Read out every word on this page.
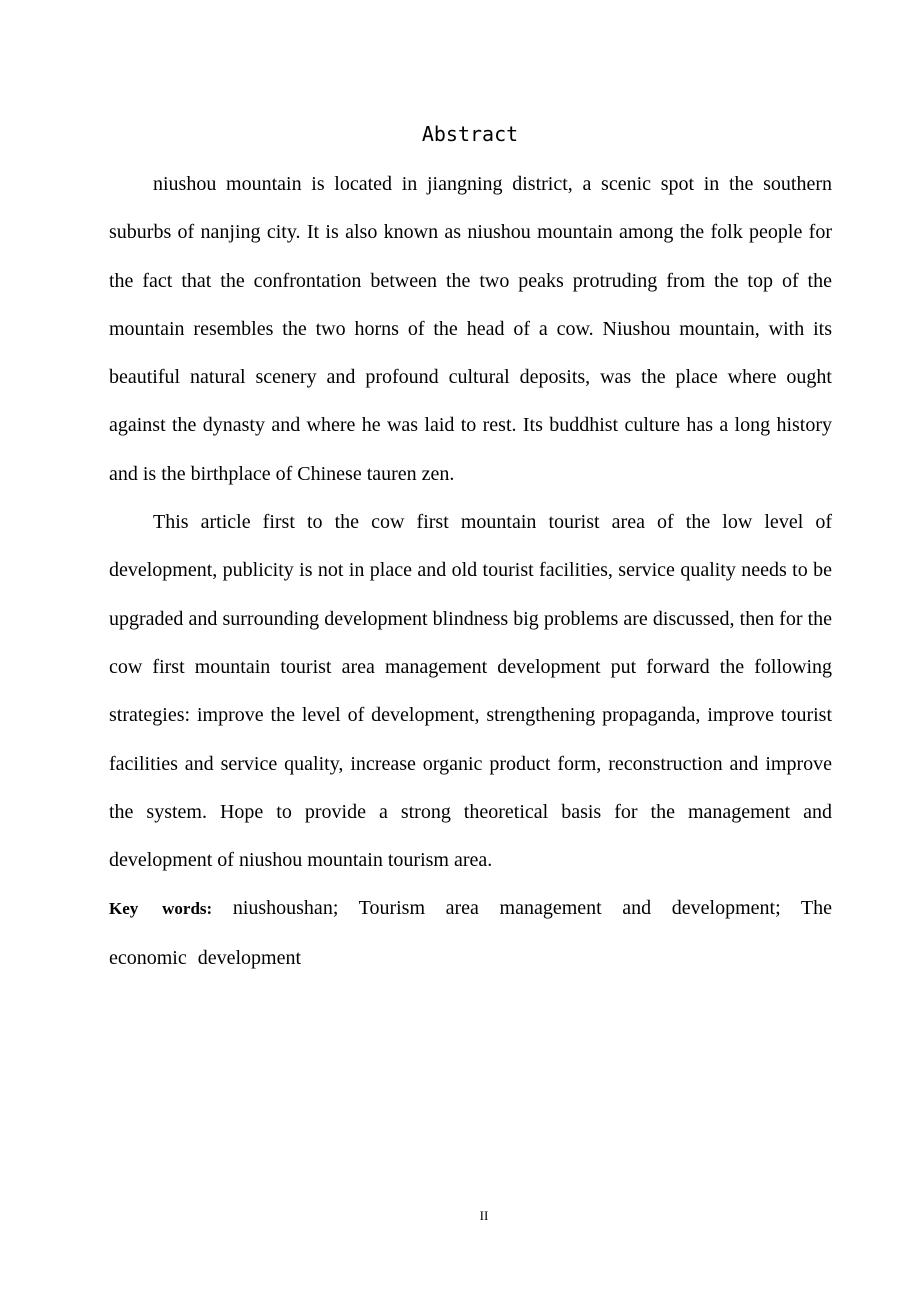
Abstract

niushou mountain is located in jiangning district, a scenic spot in the southern suburbs of nanjing city. It is also known as niushou mountain among the folk people for the fact that the confrontation between the two peaks protruding from the top of the mountain resembles the two horns of the head of a cow. Niushou mountain, with its beautiful natural scenery and profound cultural deposits, was the place where ought against the dynasty and where he was laid to rest. Its buddhist culture has a long history and is the birthplace of Chinese tauren zen.

This article first to the cow first mountain tourist area of the low level of development, publicity is not in place and old tourist facilities, service quality needs to be upgraded and surrounding development blindness big problems are discussed, then for the cow first mountain tourist area management development put forward the following strategies: improve the level of development, strengthening propaganda, improve tourist facilities and service quality, increase organic product form, reconstruction and improve the system. Hope to provide a strong theoretical basis for the management and development of niushou mountain tourism area.

Key words: niushoushan; Tourism area management and development; The economic development

II
